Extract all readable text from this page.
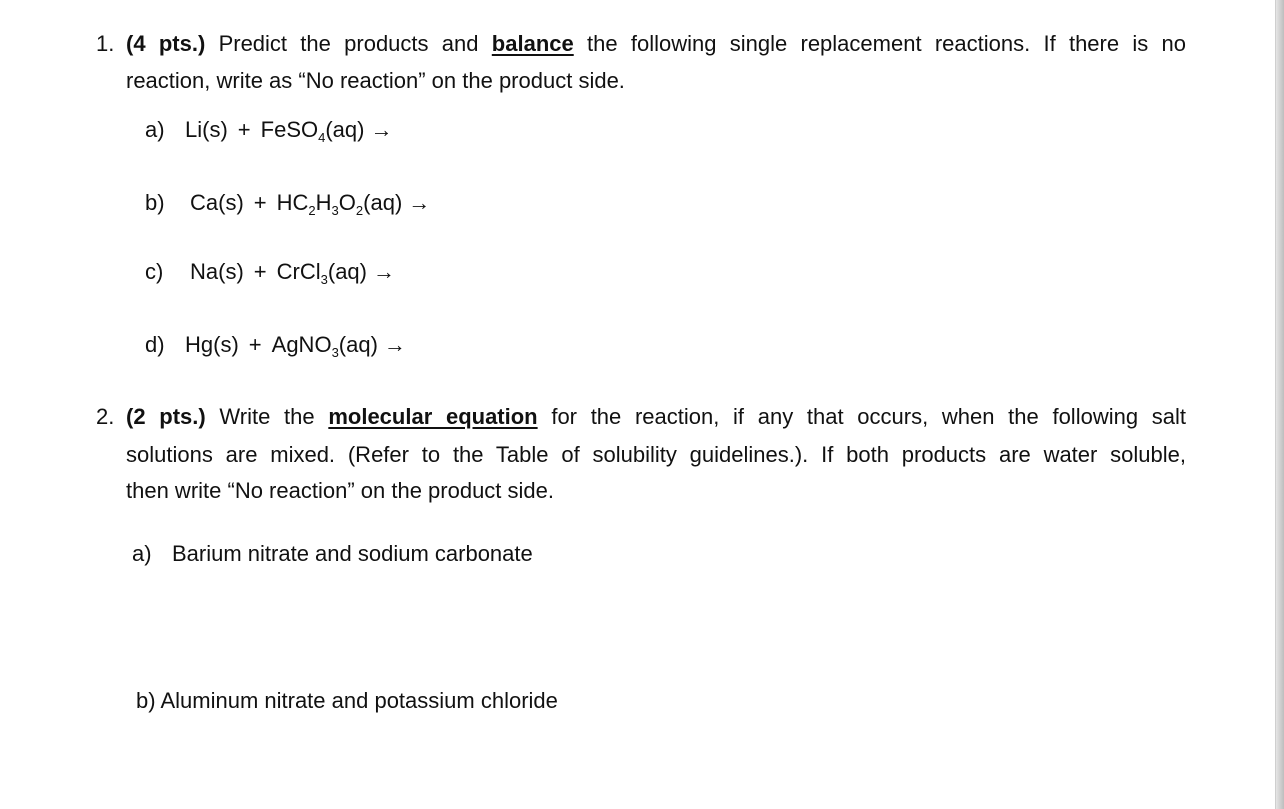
1. (4 pts.) Predict the products and balance the following single replacement reactions. If there is no
reaction, write as “No reaction” on the product side.
a) Li(s) + FeSO$_4$(aq) →
b) $Ca(s) + HC_2H_3O_2(aq)$ →
c) Na(s) + CrCl$_3$(aq) →
d) Hg(s) + AgNO$_3$(aq) →
2. (2 pts.) Write the molecular equation for the reaction, if any that occurs, when the following salt
solutions are mixed. (Refer to the Table of solubility guidelines.). If both products are water soluble,
then write “No reaction” on the product side.
a) Barium nitrate and sodium carbonate
b) Aluminum nitrate and potassium chloride
